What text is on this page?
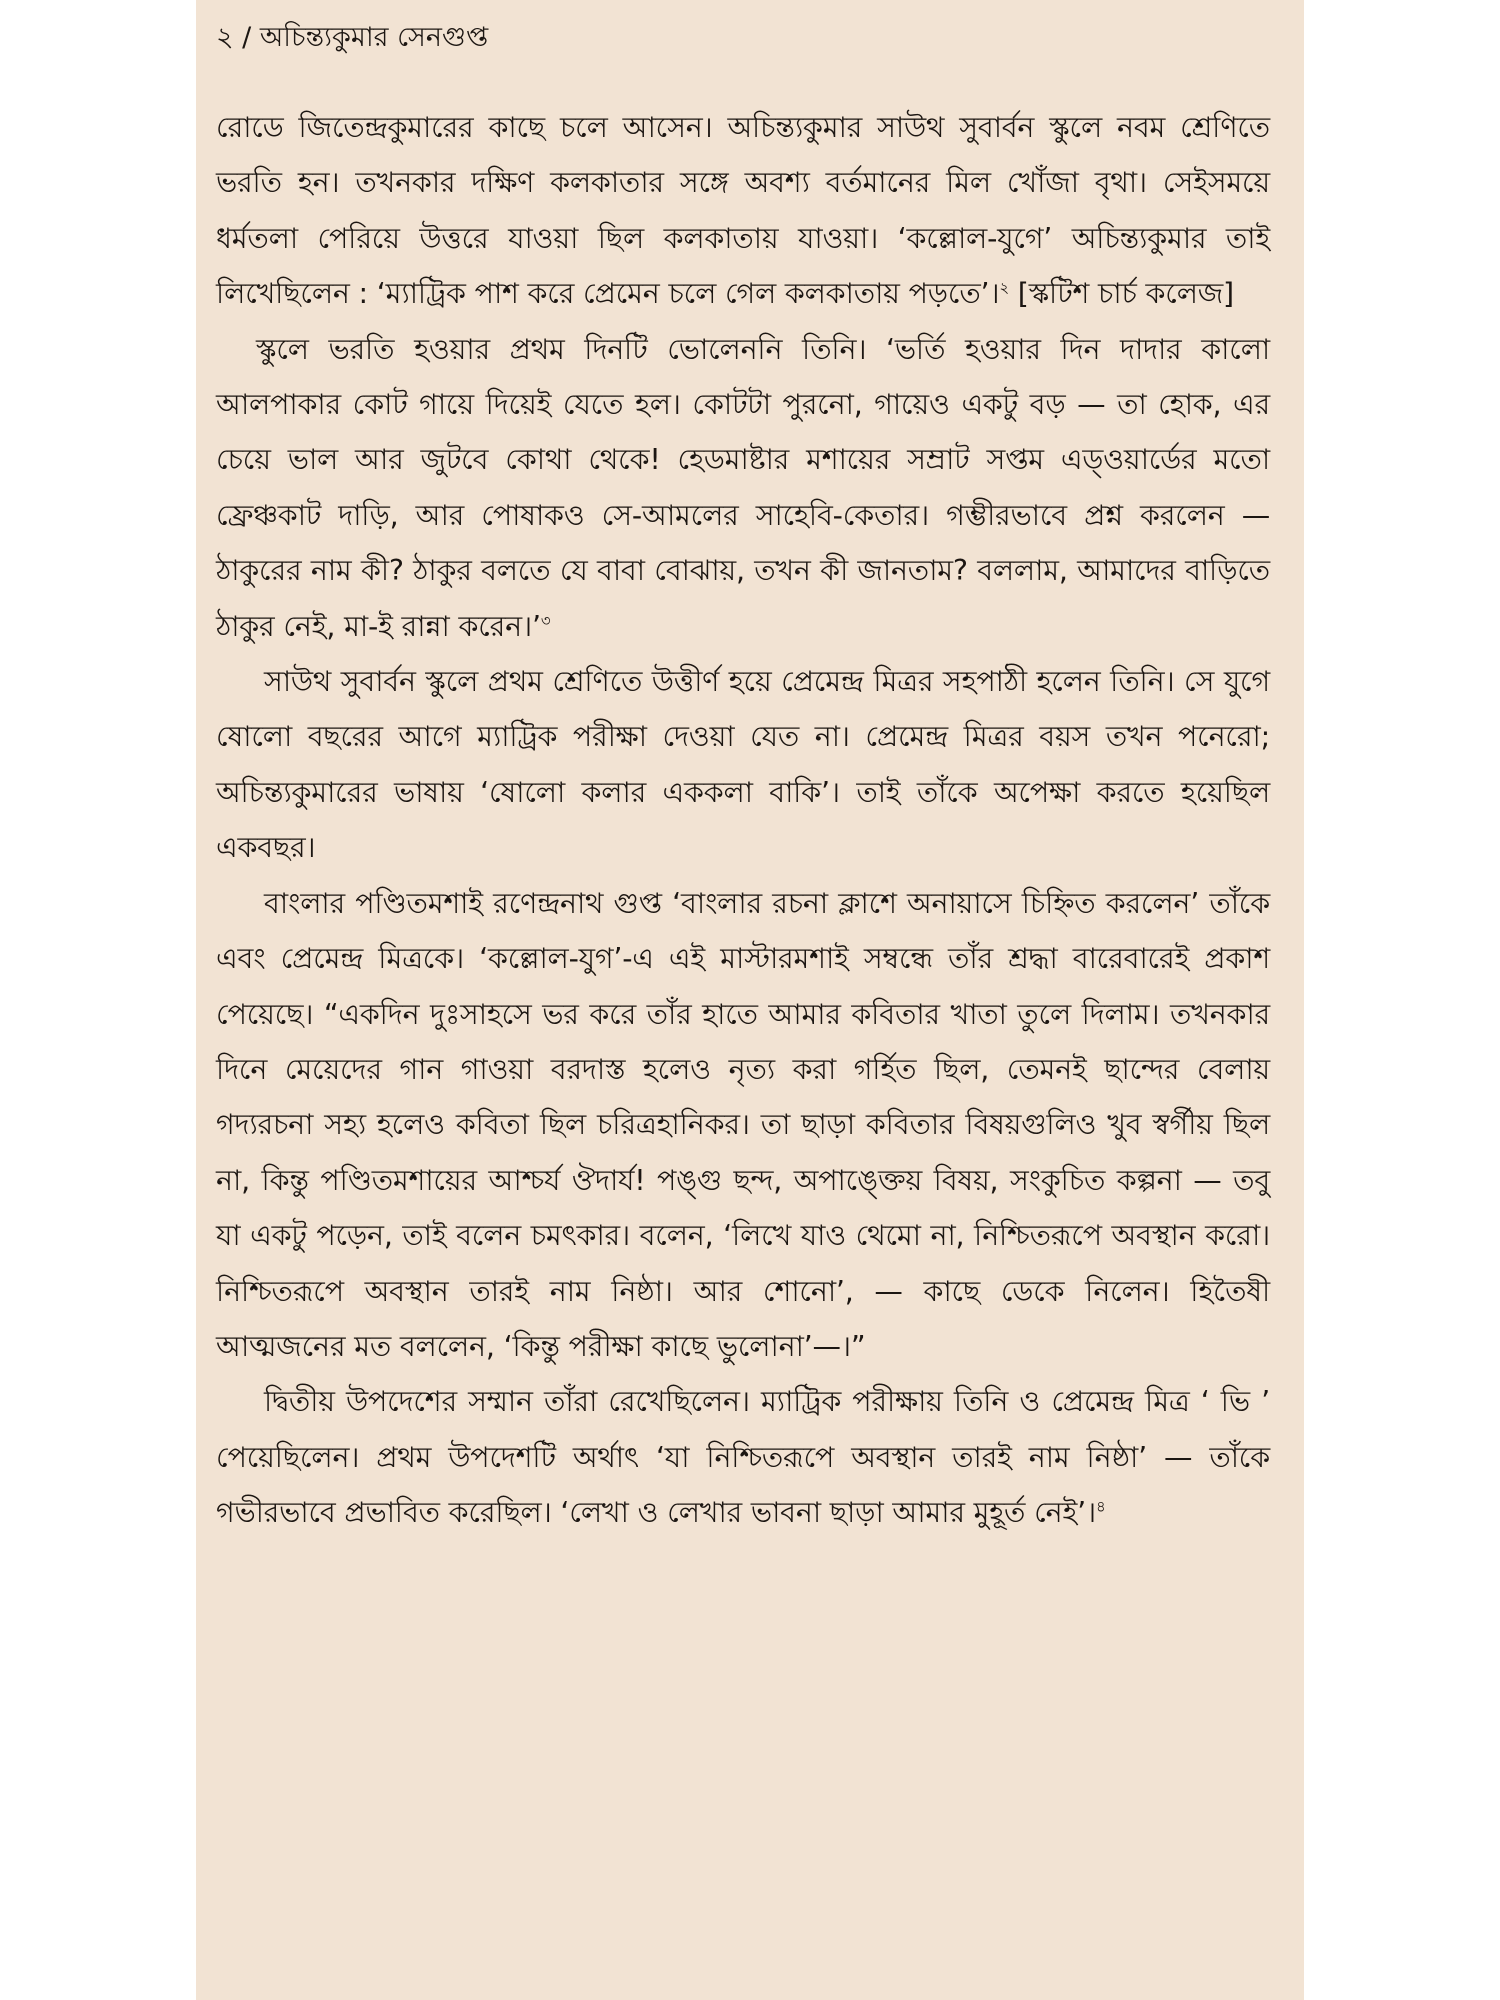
২ / অচিন্ত্যকুমার সেনগুপ্ত

রোডে জিতেন্দ্রকুমারের কাছে চলে আসেন। অচিন্ত্যকুমার সাউথ সুবার্বন স্কুলে নবম শ্রেণিতে ভরতি হন। তখনকার দক্ষিণ কলকাতার সঙ্গে অবশ্য বর্তমানের মিল খোঁজা বৃথা। সেইসময়ে ধর্মতলা পেরিয়ে উত্তরে যাওয়া ছিল কলকাতায় যাওয়া। ‘কল্লোল-যুগে’ অচিন্ত্যকুমার তাই লিখেছিলেন : ‘ম্যাট্রিক পাশ করে প্রেমেন চলে গেল কলকাতায় পড়তে’।$^২$ [স্কটিশ চার্চ কলেজ]

স্কুলে ভরতি হওয়ার প্রথম দিনটি ভোলেননি তিনি। ‘ভর্তি হওয়ার দিন দাদার কালো আলপাকার কোট গায়ে দিয়েই যেতে হল। কোটটা পুরনো, গায়েও একটু বড় — তা হোক, এর চেয়ে ভাল আর জুটবে কোথা থেকে! হেডমাষ্টার মশায়ের সম্রাট সপ্তম এড্ওয়ার্ডের মতো ফ্রেঞ্চকাট দাড়ি, আর পোষাকও সে-আমলের সাহেবি-কেতার। গম্ভীরভাবে প্রশ্ন করলেন — ঠাকুরের নাম কী? ঠাকুর বলতে যে বাবা বোঝায়, তখন কী জানতাম? বললাম, আমাদের বাড়িতে ঠাকুর নেই, মা-ই রান্না করেন।’$^৩$

সাউথ সুবার্বন স্কুলে প্রথম শ্রেণিতে উত্তীর্ণ হয়ে প্রেমেন্দ্র মিত্রর সহপাঠী হলেন তিনি। সে যুগে ষোলো বছরের আগে ম্যাট্রিক পরীক্ষা দেওয়া যেত না। প্রেমেন্দ্র মিত্রর বয়স তখন পনেরো; অচিন্ত্যকুমারের ভাষায় ‘ষোলো কলার এককলা বাকি’। তাই তাঁকে অপেক্ষা করতে হয়েছিল একবছর।

বাংলার পণ্ডিতমশাই রণেন্দ্রনাথ গুপ্ত ‘বাংলার রচনা ক্লাশে অনায়াসে চিহ্নিত করলেন’ তাঁকে এবং প্রেমেন্দ্র মিত্রকে। ‘কল্লোল-যুগ’-এ এই মাস্টারমশাই সম্বন্ধে তাঁর শ্রদ্ধা বারেবারেই প্রকাশ পেয়েছে। “একদিন দুঃসাহসে ভর করে তাঁর হাতে আমার কবিতার খাতা তুলে দিলাম। তখনকার দিনে মেয়েদের গান গাওয়া বরদাস্ত হলেও নৃত্য করা গর্হিত ছিল, তেমনই ছান্দের বেলায় গদ্যরচনা সহ্য হলেও কবিতা ছিল চরিত্রহানিকর। তা ছাড়া কবিতার বিষয়গুলিও খুব স্বর্গীয় ছিল না, কিন্তু পণ্ডিতমশায়ের আশ্চর্য ঔদার্য! পঙ্গু ছন্দ, অপাঙ্ক্তেয় বিষয়, সংকুচিত কল্পনা — তবু যা একটু পড়েন, তাই বলেন চমৎকার। বলেন, ‘লিখে যাও থেমো না, নিশ্চিতরূপে অবস্থান করো। নিশ্চিতরূপে অবস্থান তারই নাম নিষ্ঠা। আর শোনো’, — কাছে ডেকে নিলেন। হিতৈষী আত্মজনের মত বললেন, ‘কিন্তু পরীক্ষা কাছে ভুলোনা’—।”

দ্বিতীয় উপদেশের সম্মান তাঁরা রেখেছিলেন। ম্যাট্রিক পরীক্ষায় তিনি ও প্রেমেন্দ্র মিত্র ‘ ভি ’ পেয়েছিলেন। প্রথম উপদেশটি অর্থাৎ ‘যা নিশ্চিতরূপে অবস্থান তারই নাম নিষ্ঠা’ — তাঁকে গভীরভাবে প্রভাবিত করেছিল। ‘লেখা ও লেখার ভাবনা ছাড়া আমার মুহূর্ত নেই’।$^৪$
